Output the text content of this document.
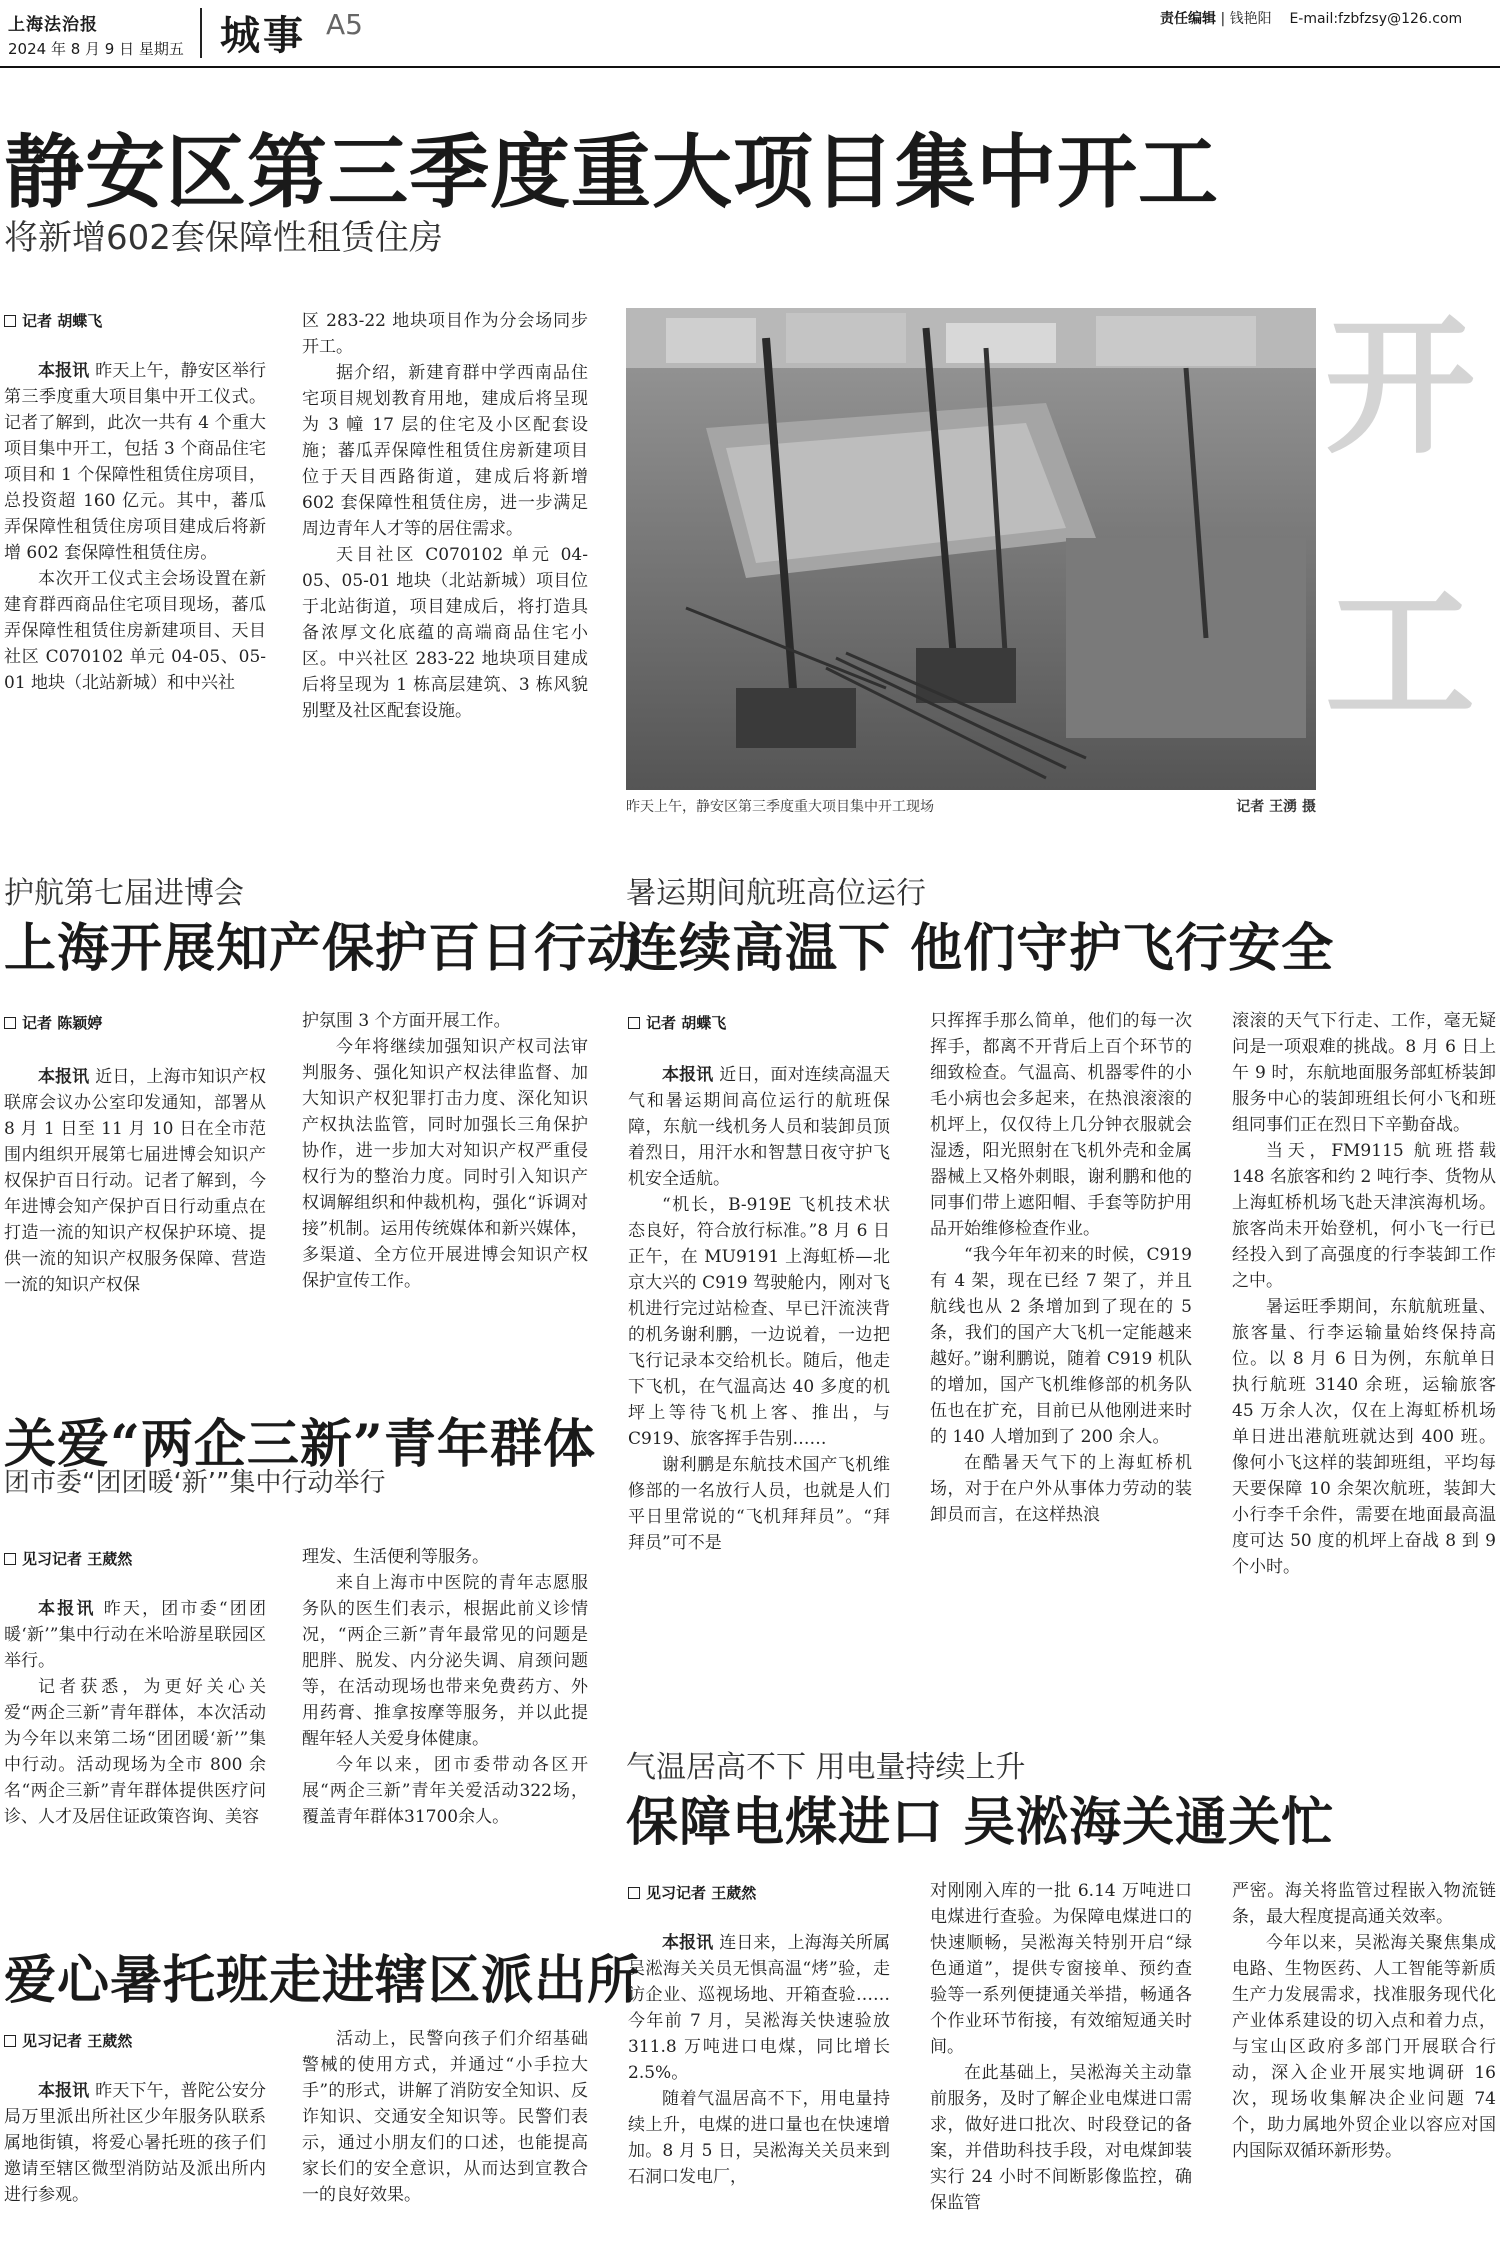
上海法治报
2024 年 8 月 9 日 星期五 城事 A5	责任编辑 | 钱艳阳 E-mail:fzbfzsy@126.com
静安区第三季度重大项目集中开工
将新增602套保障性租赁住房
记者 胡蝶飞

本报讯 昨天上午，静安区举行第三季度重大项目集中开工仪式。记者了解到，此次一共有 4 个重大项目集中开工，包括 3 个商品住宅项目和 1 个保障性租赁住房项目，总投资超 160 亿元。其中，蕃瓜弄保障性租赁住房项目建成后将新增 602 套保障性租赁住房。

本次开工仪式主会场设置在新建育群西商品住宅项目现场，蕃瓜弄保障性租赁住房新建项目、天目社区 C070102 单元 04-05、05-01 地块（北站新城）和中兴社

区 283-22 地块项目作为分会场同步开工。

据介绍，新建育群中学西南品住宅项目规划教育用地，建成后将呈现为 3 幢 17 层的住宅及小区配套设施；蕃瓜弄保障性租赁住房新建项目位于天目西路街道，建成后将新增 602 套保障性租赁住房，进一步满足周边青年人才等的居住需求。

天目社区 C070102 单元 04-05、05-01 地块（北站新城）项目位于北站街道，项目建成后，将打造具备浓厚文化底蕴的高端商品住宅小区。中兴社区 283-22 地块项目建成后将呈现为 1 栋高层建筑、3 栋风貌别墅及社区配套设施。

开
工
昨天上午，静安区第三季度重大项目集中开工现场	记者 王湧 摄
护航第七届进博会
上海开展知产保护百日行动
记者 陈颖婷

本报讯 近日，上海市知识产权联席会议办公室印发通知，部署从 8 月 1 日至 11 月 10 日在全市范围内组织开展第七届进博会知识产权保护百日行动。记者了解到，今年进博会知产保护百日行动重点在打造一流的知识产权保护环境、提供一流的知识产权服务保障、营造一流的知识产权保

护氛围 3 个方面开展工作。

今年将继续加强知识产权司法审判服务、强化知识产权法律监督、加大知识产权犯罪打击力度、深化知识产权执法监管，同时加强长三角保护协作，进一步加大对知识产权严重侵权行为的整治力度。同时引入知识产权调解组织和仲裁机构，强化“诉调对接”机制。运用传统媒体和新兴媒体，多渠道、全方位开展进博会知识产权保护宣传工作。

关爱“两企三新”青年群体
团市委“团团暖‘新’”集中行动举行
见习记者 王葳然

本报讯 昨天，团市委“团团暖‘新’”集中行动在米哈游星联园区举行。

记者获悉，为更好关心关爱“两企三新”青年群体，本次活动为今年以来第二场“团团暖‘新’”集中行动。活动现场为全市 800 余名“两企三新”青年群体提供医疗问诊、人才及居住证政策咨询、美容

理发、生活便利等服务。

来自上海市中医院的青年志愿服务队的医生们表示，根据此前义诊情况，“两企三新”青年最常见的问题是肥胖、脱发、内分泌失调、肩颈问题等，在活动现场也带来免费药方、外用药膏、推拿按摩等服务，并以此提醒年轻人关爱身体健康。

今年以来，团市委带动各区开展“两企三新”青年关爱活动322场，覆盖青年群体31700余人。

爱心暑托班走进辖区派出所
见习记者 王葳然

本报讯 昨天下午，普陀公安分局万里派出所社区少年服务队联系属地街镇，将爱心暑托班的孩子们邀请至辖区微型消防站及派出所内进行参观。

活动上，民警向孩子们介绍基础警械的使用方式，并通过“小手拉大手”的形式，讲解了消防安全知识、反诈知识、交通安全知识等。民警们表示，通过小朋友们的口述，也能提高家长们的安全意识，从而达到宣教合一的良好效果。

暑运期间航班高位运行
连续高温下 他们守护飞行安全
记者 胡蝶飞

本报讯 近日，面对连续高温天气和暑运期间高位运行的航班保障，东航一线机务人员和装卸员顶着烈日，用汗水和智慧日夜守护飞机安全适航。

“机长，B-919E 飞机技术状态良好，符合放行标准。”8 月 6 日正午，在 MU9191 上海虹桥—北京大兴的 C919 驾驶舱内，刚对飞机进行完过站检查、早已汗流浃背的机务谢利鹏，一边说着，一边把飞行记录本交给机长。随后，他走下飞机，在气温高达 40 多度的机坪上等待飞机上客、推出，与 C919、旅客挥手告别……

谢利鹏是东航技术国产飞机维修部的一名放行人员，也就是人们平日里常说的“飞机拜拜员”。“拜拜员”可不是

只挥挥手那么简单，他们的每一次挥手，都离不开背后上百个环节的细致检查。气温高、机器零件的小毛小病也会多起来，在热浪滚滚的机坪上，仅仅待上几分钟衣服就会湿透，阳光照射在飞机外壳和金属器械上又格外刺眼，谢利鹏和他的同事们带上遮阳帽、手套等防护用品开始维修检查作业。

“我今年年初来的时候，C919 有 4 架，现在已经 7 架了，并且航线也从 2 条增加到了现在的 5 条，我们的国产大飞机一定能越来越好。”谢利鹏说，随着 C919 机队的增加，国产飞机维修部的机务队伍也在扩充，目前已从他刚进来时的 140 人增加到了 200 余人。

在酷暑天气下的上海虹桥机场，对于在户外从事体力劳动的装卸员而言，在这样热浪

滚滚的天气下行走、工作，毫无疑问是一项艰难的挑战。8 月 6 日上午 9 时，东航地面服务部虹桥装卸服务中心的装卸班组长何小飞和班组同事们正在烈日下辛勤奋战。

当天，FM9115 航班搭载 148 名旅客和约 2 吨行李、货物从上海虹桥机场飞赴天津滨海机场。旅客尚未开始登机，何小飞一行已经投入到了高强度的行李装卸工作之中。

暑运旺季期间，东航航班量、旅客量、行李运输量始终保持高位。以 8 月 6 日为例，东航单日执行航班 3140 余班，运输旅客 45 万余人次，仅在上海虹桥机场单日进出港航班就达到 400 班。像何小飞这样的装卸班组，平均每天要保障 10 余架次航班，装卸大小行李千余件，需要在地面最高温度可达 50 度的机坪上奋战 8 到 9 个小时。

气温居高不下 用电量持续上升
保障电煤进口 吴淞海关通关忙
见习记者 王葳然

本报讯 连日来，上海海关所属吴淞海关关员无惧高温“烤”验，走访企业、巡视场地、开箱查验……今年前 7 月，吴淞海关快速验放 311.8 万吨进口电煤，同比增长 2.5%。

随着气温居高不下，用电量持续上升，电煤的进口量也在快速增加。8 月 5 日，吴淞海关关员来到石洞口发电厂，

对刚刚入库的一批 6.14 万吨进口电煤进行查验。为保障电煤进口的快速顺畅，吴淞海关特别开启“绿色通道”，提供专窗接单、预约查验等一系列便捷通关举措，畅通各个作业环节衔接，有效缩短通关时间。

在此基础上，吴淞海关主动靠前服务，及时了解企业电煤进口需求，做好进口批次、时段登记的备案，并借助科技手段，对电煤卸装实行 24 小时不间断影像监控，确保监管

严密。海关将监管过程嵌入物流链条，最大程度提高通关效率。

今年以来，吴淞海关聚焦集成电路、生物医药、人工智能等新质生产力发展需求，找准服务现代化产业体系建设的切入点和着力点，与宝山区政府多部门开展联合行动，深入企业开展实地调研 16 次，现场收集解决企业问题 74 个，助力属地外贸企业以容应对国内国际双循环新形势。
